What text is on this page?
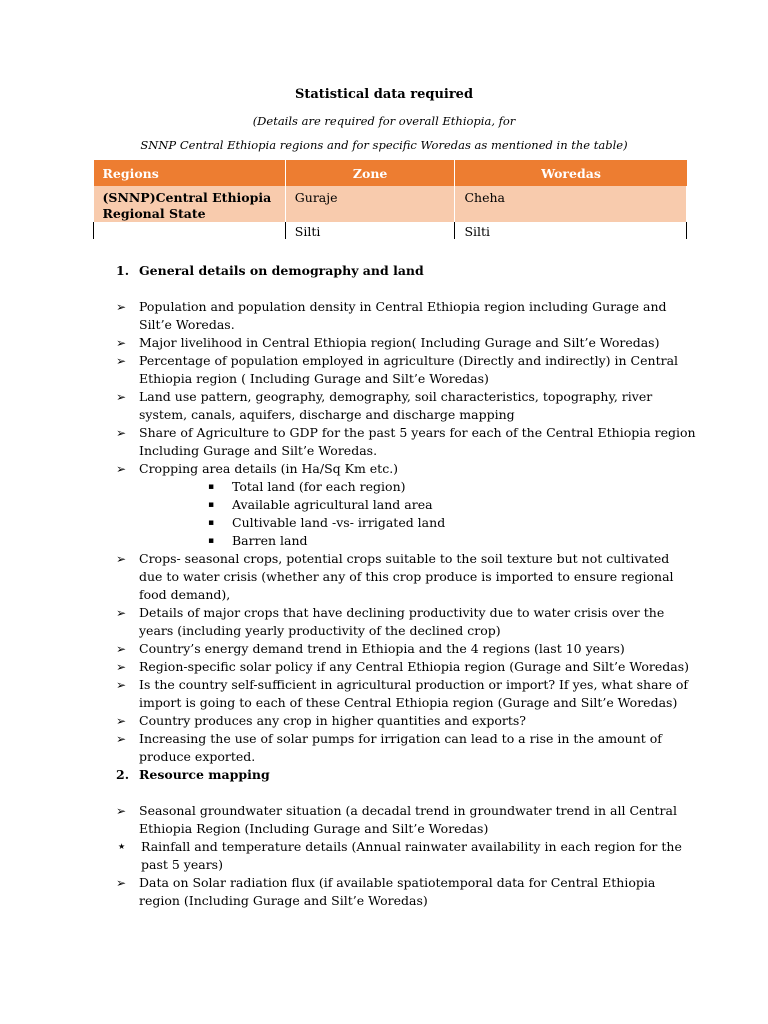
Statistical data required
(Details are required for overall Ethiopia, for
SNNP Central Ethiopia regions and for specific Woredas as mentioned in the table)
Regions	Zone	Woredas

(SNNP)Central Ethiopia
Regional State	Guraje	Cheha
	Silti	Silti
1. General details on demography and land
➢	Population and population density in Central Ethiopia region including Gurage and Silt’e Woredas.
➢	Major livelihood in Central Ethiopia region( Including Gurage and Silt’e Woredas)
➢	Percentage of population employed in agriculture (Directly and indirectly) in Central Ethiopia region ( Including Gurage and Silt’e Woredas)
➢	Land use pattern, geography, demography, soil characteristics, topography, river system, canals, aquifers, discharge and discharge mapping
➢	Share of Agriculture to GDP for the past 5 years for each of the Central Ethiopia region Including Gurage and Silt’e Woredas.
➢	Cropping area details (in Ha/Sq Km etc.)
▪	Total land (for each region)
▪	Available agricultural land area
▪	Cultivable land -vs- irrigated land
▪	Barren land
➢	Crops- seasonal crops, potential crops suitable to the soil texture but not cultivated due to water crisis (whether any of this crop produce is imported to ensure regional food demand),
➢	Details of major crops that have declining productivity due to water crisis over the years (including yearly productivity of the declined crop)
➢	Country’s energy demand trend in Ethiopia and the 4 regions (last 10 years)
➢	Region-specific solar policy if any Central Ethiopia region (Gurage and Silt’e Woredas)
➢	Is the country self-sufficient in agricultural production or import? If yes, what share of import is going to each of these Central Ethiopia region (Gurage and Silt’e Woredas)
➢	Country produces any crop in higher quantities and exports?
➢	Increasing the use of solar pumps for irrigation can lead to a rise in the amount of produce exported.
2. Resource mapping
➢	Seasonal groundwater situation (a decadal trend in groundwater trend in all Central Ethiopia Region (Including Gurage and Silt’e Woredas)
★	Rainfall and temperature details (Annual rainwater availability in each region for the past 5 years)
➢	Data on Solar radiation flux (if available spatiotemporal data for Central Ethiopia region (Including Gurage and Silt’e Woredas)
